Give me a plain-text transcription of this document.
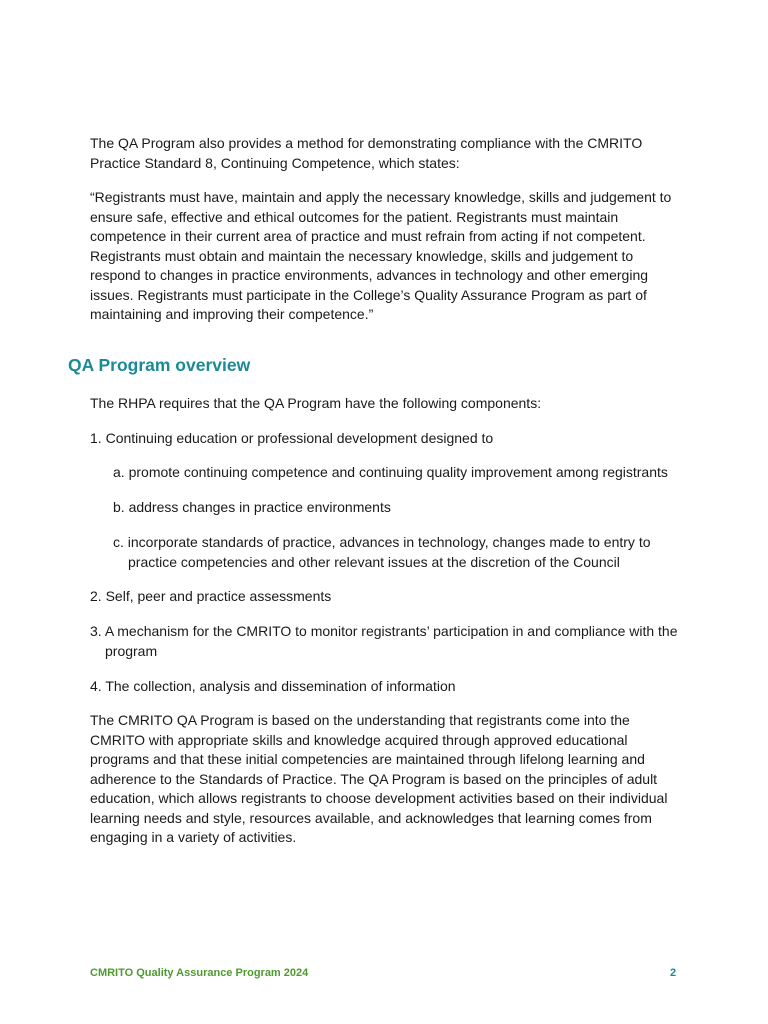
The QA Program also provides a method for demonstrating compliance with the CMRITO Practice Standard 8, Continuing Competence, which states:

“Registrants must have, maintain and apply the necessary knowledge, skills and judgement to ensure safe, effective and ethical outcomes for the patient. Registrants must maintain competence in their current area of practice and must refrain from acting if not competent. Registrants must obtain and maintain the necessary knowledge, skills and judgement to respond to changes in practice environments, advances in technology and other emerging issues. Registrants must participate in the College’s Quality Assurance Program as part of maintaining and improving their competence.”

QA Program overview

The RHPA requires that the QA Program have the following components:

1. Continuing education or professional development designed to
a. promote continuing competence and continuing quality improvement among registrants
b. address changes in practice environments
c. incorporate standards of practice, advances in technology, changes made to entry to practice competencies and other relevant issues at the discretion of the Council
2. Self, peer and practice assessments
3. A mechanism for the CMRITO to monitor registrants’ participation in and compliance with the program
4. The collection, analysis and dissemination of information

The CMRITO QA Program is based on the understanding that registrants come into the CMRITO with appropriate skills and knowledge acquired through approved educational programs and that these initial competencies are maintained through lifelong learning and adherence to the Standards of Practice. The QA Program is based on the principles of adult education, which allows registrants to choose development activities based on their individual learning needs and style, resources available, and acknowledges that learning comes from engaging in a variety of activities.

CMRITO Quality Assurance Program 2024	2
